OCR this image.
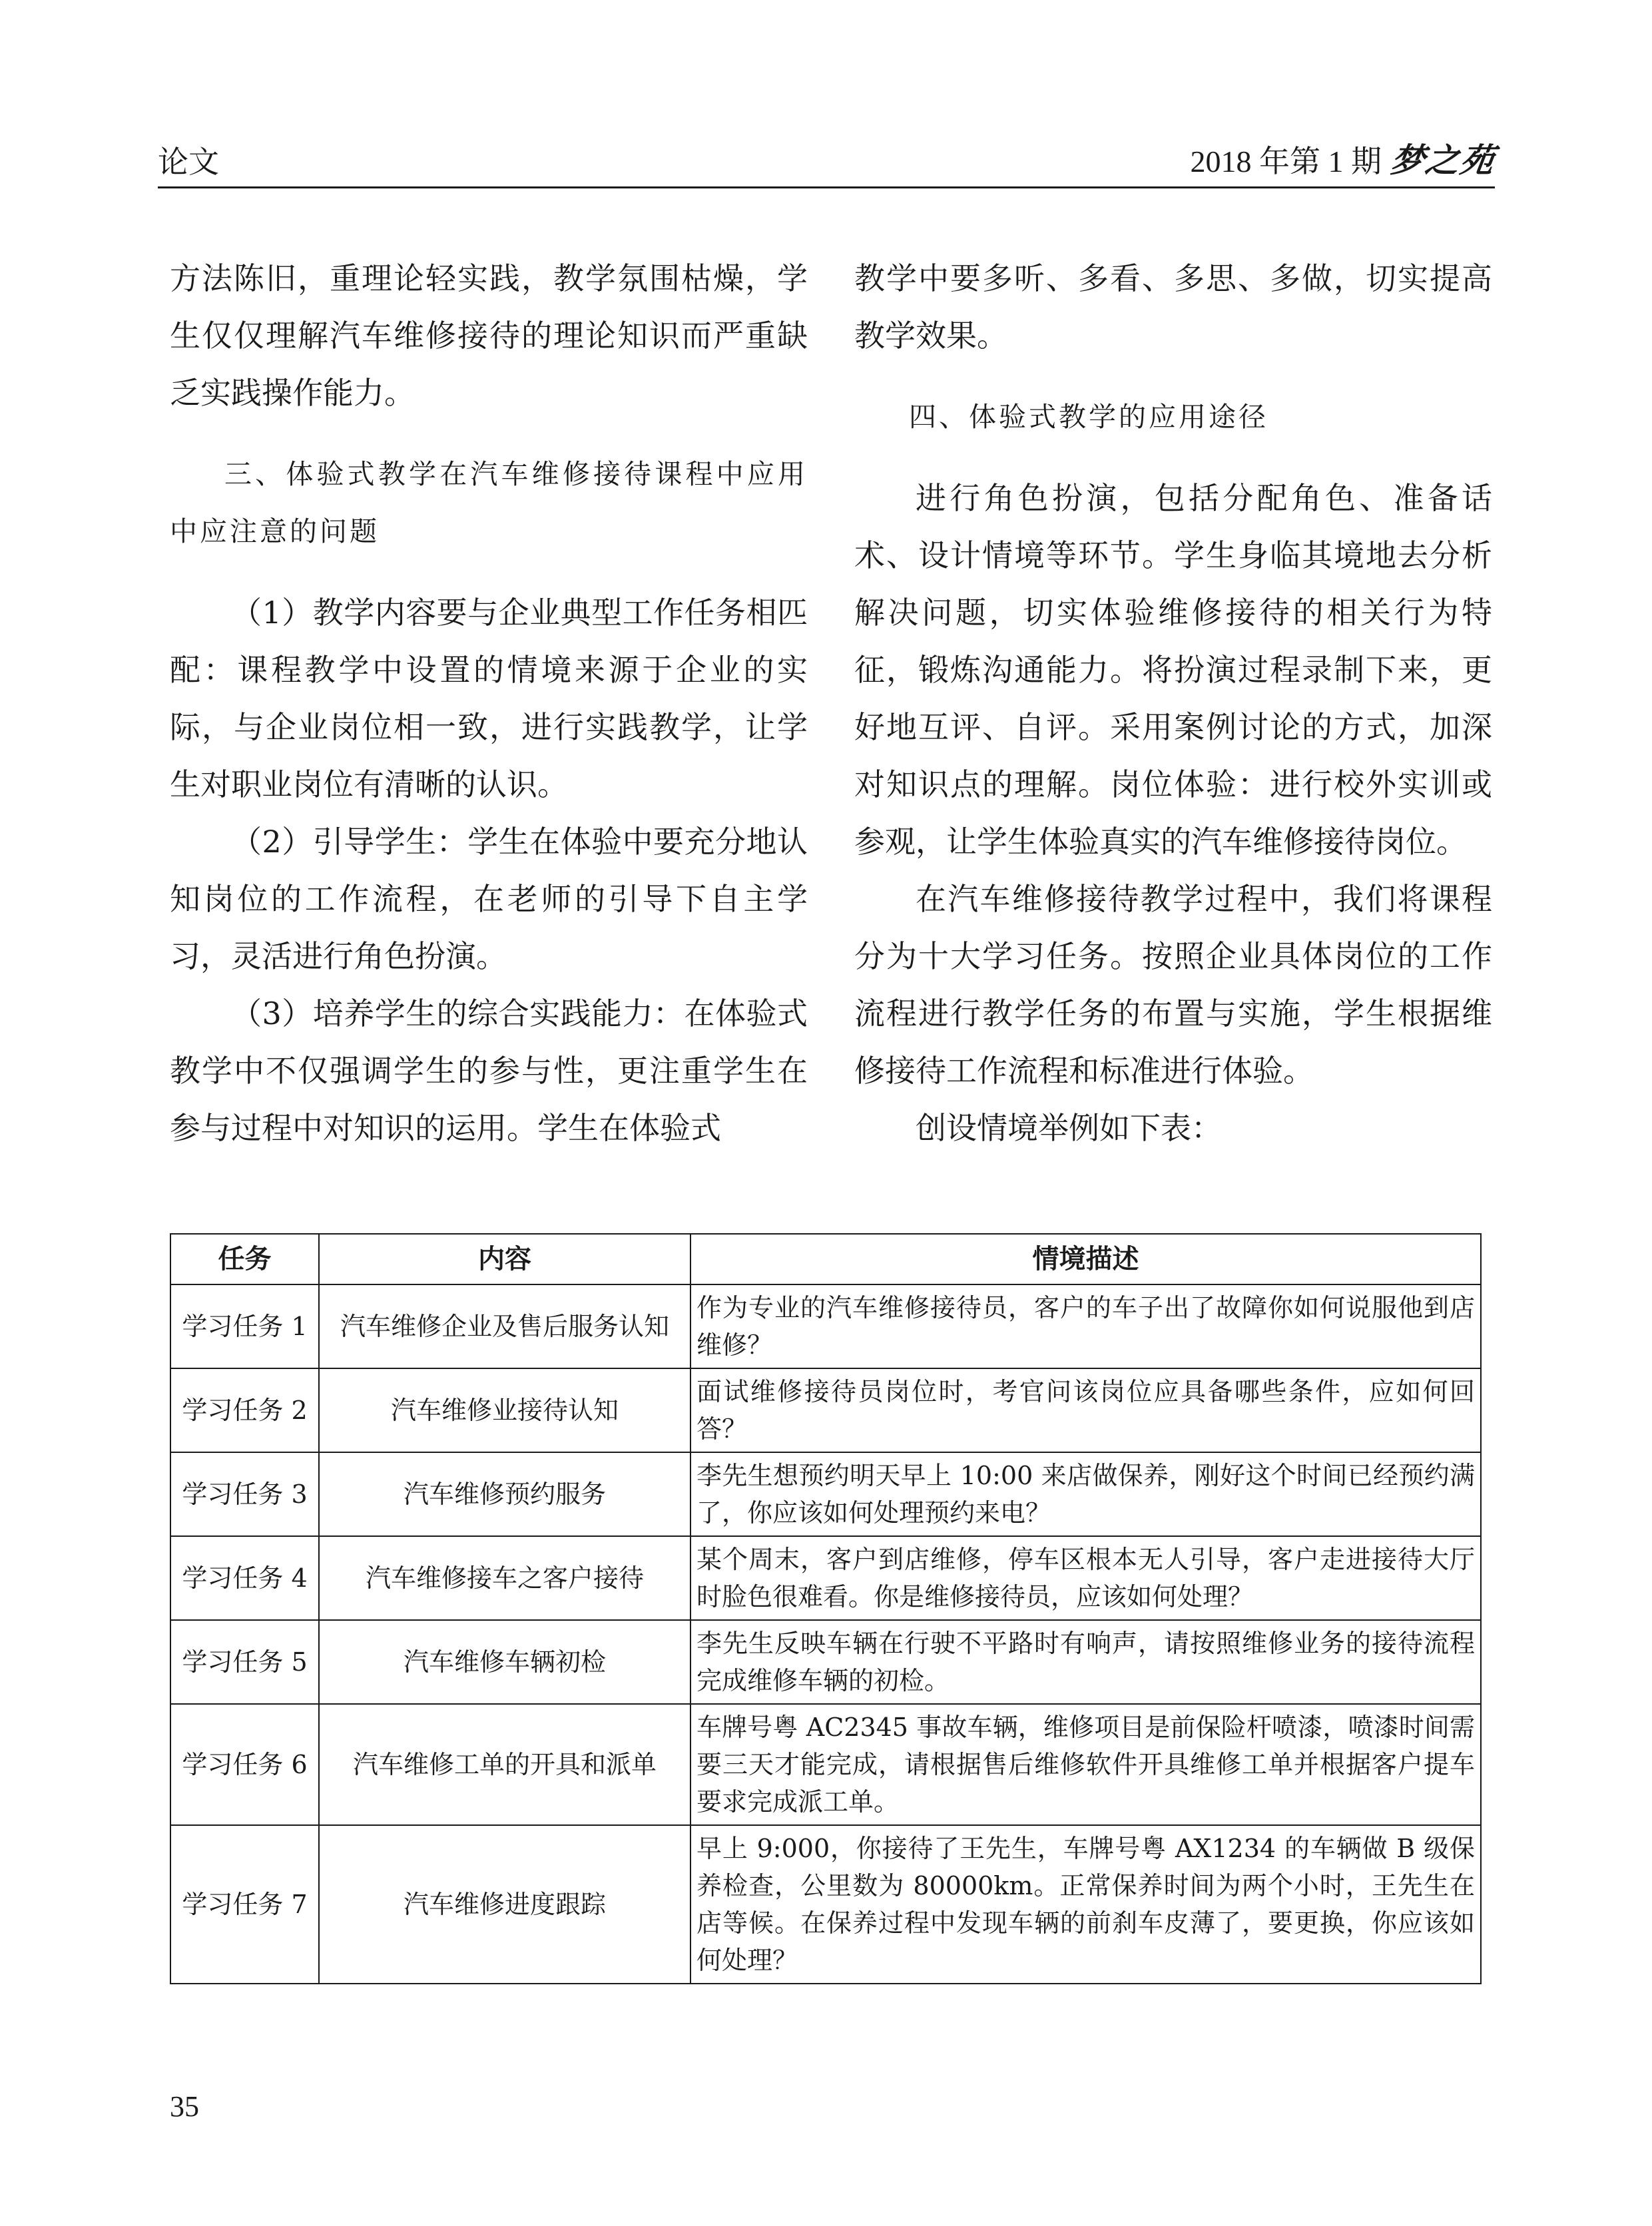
论文	2018 年第 1 期 梦之苑

方法陈旧，重理论轻实践，教学氛围枯燥，学生仅仅理解汽车维修接待的理论知识而严重缺乏实践操作能力。

三、体验式教学在汽车维修接待课程中应用中应注意的问题

（1）教学内容要与企业典型工作任务相匹配：课程教学中设置的情境来源于企业的实际，与企业岗位相一致，进行实践教学，让学生对职业岗位有清晰的认识。

（2）引导学生：学生在体验中要充分地认知岗位的工作流程，在老师的引导下自主学习，灵活进行角色扮演。

（3）培养学生的综合实践能力：在体验式教学中不仅强调学生的参与性，更注重学生在参与过程中对知识的运用。学生在体验式

教学中要多听、多看、多思、多做，切实提高教学效果。

四、体验式教学的应用途径

进行角色扮演，包括分配角色、准备话术、设计情境等环节。学生身临其境地去分析解决问题，切实体验维修接待的相关行为特征，锻炼沟通能力。将扮演过程录制下来，更好地互评、自评。采用案例讨论的方式，加深对知识点的理解。岗位体验：进行校外实训或参观，让学生体验真实的汽车维修接待岗位。

在汽车维修接待教学过程中，我们将课程分为十大学习任务。按照企业具体岗位的工作流程进行教学任务的布置与实施，学生根据维修接待工作流程和标准进行体验。

创设情境举例如下表：

任务	内容	情境描述
学习任务 1	汽车维修企业及售后服务认知	作为专业的汽车维修接待员，客户的车子出了故障你如何说服他到店维修？
学习任务 2	汽车维修业接待认知	面试维修接待员岗位时，考官问该岗位应具备哪些条件，应如何回答？
学习任务 3	汽车维修预约服务	李先生想预约明天早上 10:00 来店做保养，刚好这个时间已经预约满了，你应该如何处理预约来电？
学习任务 4	汽车维修接车之客户接待	某个周末，客户到店维修，停车区根本无人引导，客户走进接待大厅时脸色很难看。你是维修接待员，应该如何处理？
学习任务 5	汽车维修车辆初检	李先生反映车辆在行驶不平路时有响声，请按照维修业务的接待流程完成维修车辆的初检。
学习任务 6	汽车维修工单的开具和派单	车牌号粤 AC2345 事故车辆，维修项目是前保险杆喷漆，喷漆时间需要三天才能完成，请根据售后维修软件开具维修工单并根据客户提车要求完成派工单。
学习任务 7	汽车维修进度跟踪	早上 9:000，你接待了王先生，车牌号粤 AX1234 的车辆做 B 级保养检查，公里数为 80000km。正常保养时间为两个小时，王先生在店等候。在保养过程中发现车辆的前刹车皮薄了，要更换，你应该如何处理？
35
